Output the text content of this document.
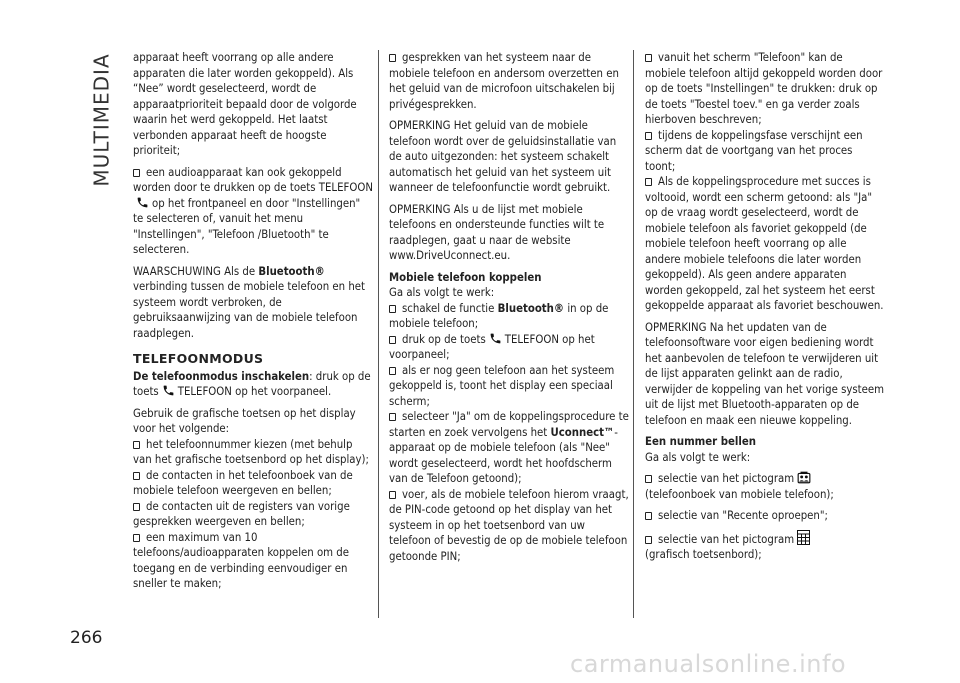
MULTIMEDIA apparaat heeft voorrang op alle andere apparaten die later worden gekoppeld). Als “Nee” wordt geselecteerd, wordt de apparaatprioriteit bepaald door de volgorde waarin het werd gekoppeld. Het laatst verbonden apparaat heeft de hoogste prioriteit;

een audioapparaat kan ook gekoppeld worden door te drukken op de toets TELEFOONop het frontpaneel en door "Instellingen" te selecteren of, vanuit het menu "Instellingen", "Telefoon /Bluetooth" te selecteren.

WAARSCHUWING Als de Bluetooth® verbinding tussen de mobiele telefoon en het systeem wordt verbroken, de gebruiksaanwijzing van de mobiele telefoon raadplegen.

TELEFOONMODUS

De telefoonmodus inschakelen: druk op de toets TELEFOON op het voorpaneel.

Gebruik de grafische toetsen op het display voor het volgende:

het telefoonnummer kiezen (met behulp van het grafische toetsenbord op het display);

de contacten in het telefoonboek van de mobiele telefoon weergeven en bellen;

de contacten uit de registers van vorige gesprekken weergeven en bellen;

een maximum van 10 telefoons/audioapparaten koppelen om de toegang en de verbinding eenvoudiger en sneller te maken;

gesprekken van het systeem naar de mobiele telefoon en andersom overzetten en het geluid van de microfoon uitschakelen bij privégesprekken.

OPMERKING Het geluid van de mobiele telefoon wordt over de geluidsinstallatie van de auto uitgezonden: het systeem schakelt automatisch het geluid van het systeem uit wanneer de telefoonfunctie wordt gebruikt.

OPMERKING Als u de lijst met mobiele telefoons en ondersteunde functies wilt te raadplegen, gaat u naar de website www.DriveUconnect.eu.

Mobiele telefoon koppelen

Ga als volgt te werk:

schakel de functie Bluetooth® in op de mobiele telefoon;

druk op de toets TELEFOON op het voorpaneel;

als er nog geen telefoon aan het systeem gekoppeld is, toont het display een speciaal scherm;

selecteer "Ja" om de koppelingsprocedure te starten en zoek vervolgens het Uconnect™-apparaat op de mobiele telefoon (als "Nee" wordt geselecteerd, wordt het hoofdscherm van de Telefoon getoond);

voer, als de mobiele telefoon hierom vraagt, de PIN-code getoond op het display van het systeem in op het toetsenbord van uw telefoon of bevestig de op de mobiele telefoon getoonde PIN;

vanuit het scherm "Telefoon" kan de mobiele telefoon altijd gekoppeld worden door op de toets "Instellingen" te drukken: druk op de toets "Toestel toev." en ga verder zoals hierboven beschreven;

tijdens de koppelingsfase verschijnt een scherm dat de voortgang van het proces toont;

Als de koppelingsprocedure met succes is voltooid, wordt een scherm getoond: als "Ja" op de vraag wordt geselecteerd, wordt de mobiele telefoon als favoriet gekoppeld (de mobiele telefoon heeft voorrang op alle andere mobiele telefoons die later worden gekoppeld). Als geen andere apparaten worden gekoppeld, zal het systeem het eerst gekoppelde apparaat als favoriet beschouwen.

OPMERKING Na het updaten van de telefoonsoftware voor eigen bediening wordt het aanbevolen de telefoon te verwijderen uit de lijst apparaten gelinkt aan de radio, verwijder de koppeling van het vorige systeem uit de lijst met Bluetooth-apparaten op de telefoon en maak een nieuwe koppeling.

Een nummer bellen

Ga als volgt te werk:

selectie van het pictogram
(telefoonboek van mobiele telefoon);

selectie van "Recente oproepen";

selectie van het pictogram
(grafisch toetsenbord);

266
carmanualsonline.info
